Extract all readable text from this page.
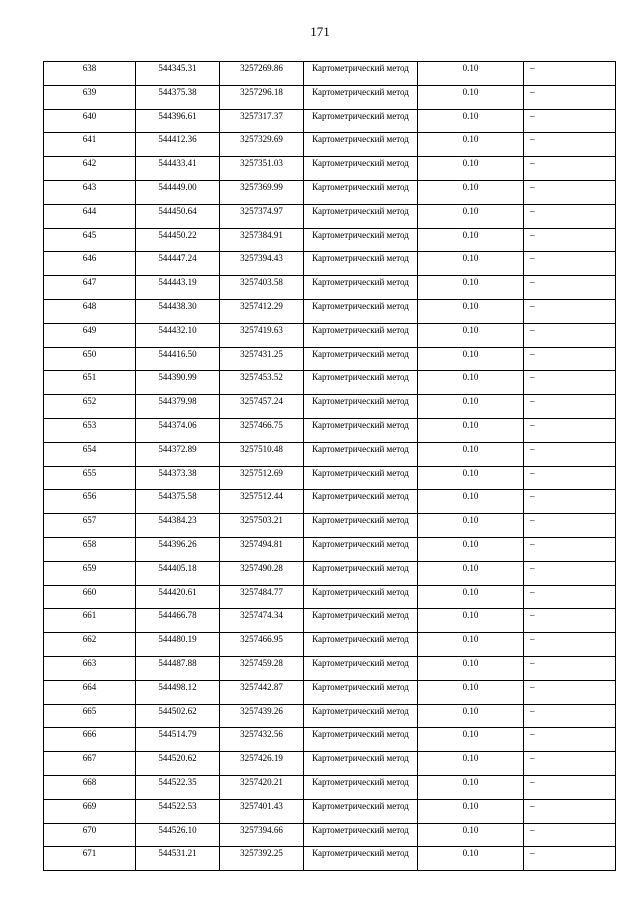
171
638	544345.31	3257269.86	Картометрический метод	0.10	–
639	544375.38	3257296.18	Картометрический метод	0.10	–
640	544396.61	3257317.37	Картометрический метод	0.10	–
641	544412.36	3257329.69	Картометрический метод	0.10	–
642	544433.41	3257351.03	Картометрический метод	0.10	–
643	544449.00	3257369.99	Картометрический метод	0.10	–
644	544450.64	3257374.97	Картометрический метод	0.10	–
645	544450.22	3257384.91	Картометрический метод	0.10	–
646	544447.24	3257394.43	Картометрический метод	0.10	–
647	544443.19	3257403.58	Картометрический метод	0.10	–
648	544438.30	3257412.29	Картометрический метод	0.10	–
649	544432.10	3257419.63	Картометрический метод	0.10	–
650	544416.50	3257431.25	Картометрический метод	0.10	–
651	544390.99	3257453.52	Картометрический метод	0.10	–
652	544379.98	3257457.24	Картометрический метод	0.10	–
653	544374.06	3257466.75	Картометрический метод	0.10	–
654	544372.89	3257510.48	Картометрический метод	0.10	–
655	544373.38	3257512.69	Картометрический метод	0.10	–
656	544375.58	3257512.44	Картометрический метод	0.10	–
657	544384.23	3257503.21	Картометрический метод	0.10	–
658	544396.26	3257494.81	Картометрический метод	0.10	–
659	544405.18	3257490.28	Картометрический метод	0.10	–
660	544420.61	3257484.77	Картометрический метод	0.10	–
661	544466.78	3257474.34	Картометрический метод	0.10	–
662	544480.19	3257466.95	Картометрический метод	0.10	–
663	544487.88	3257459.28	Картометрический метод	0.10	–
664	544498.12	3257442.87	Картометрический метод	0.10	–
665	544502.62	3257439.26	Картометрический метод	0.10	–
666	544514.79	3257432.56	Картометрический метод	0.10	–
667	544520.62	3257426.19	Картометрический метод	0.10	–
668	544522.35	3257420.21	Картометрический метод	0.10	–
669	544522.53	3257401.43	Картометрический метод	0.10	–
670	544526.10	3257394.66	Картометрический метод	0.10	–
671	544531.21	3257392.25	Картометрический метод	0.10	–
